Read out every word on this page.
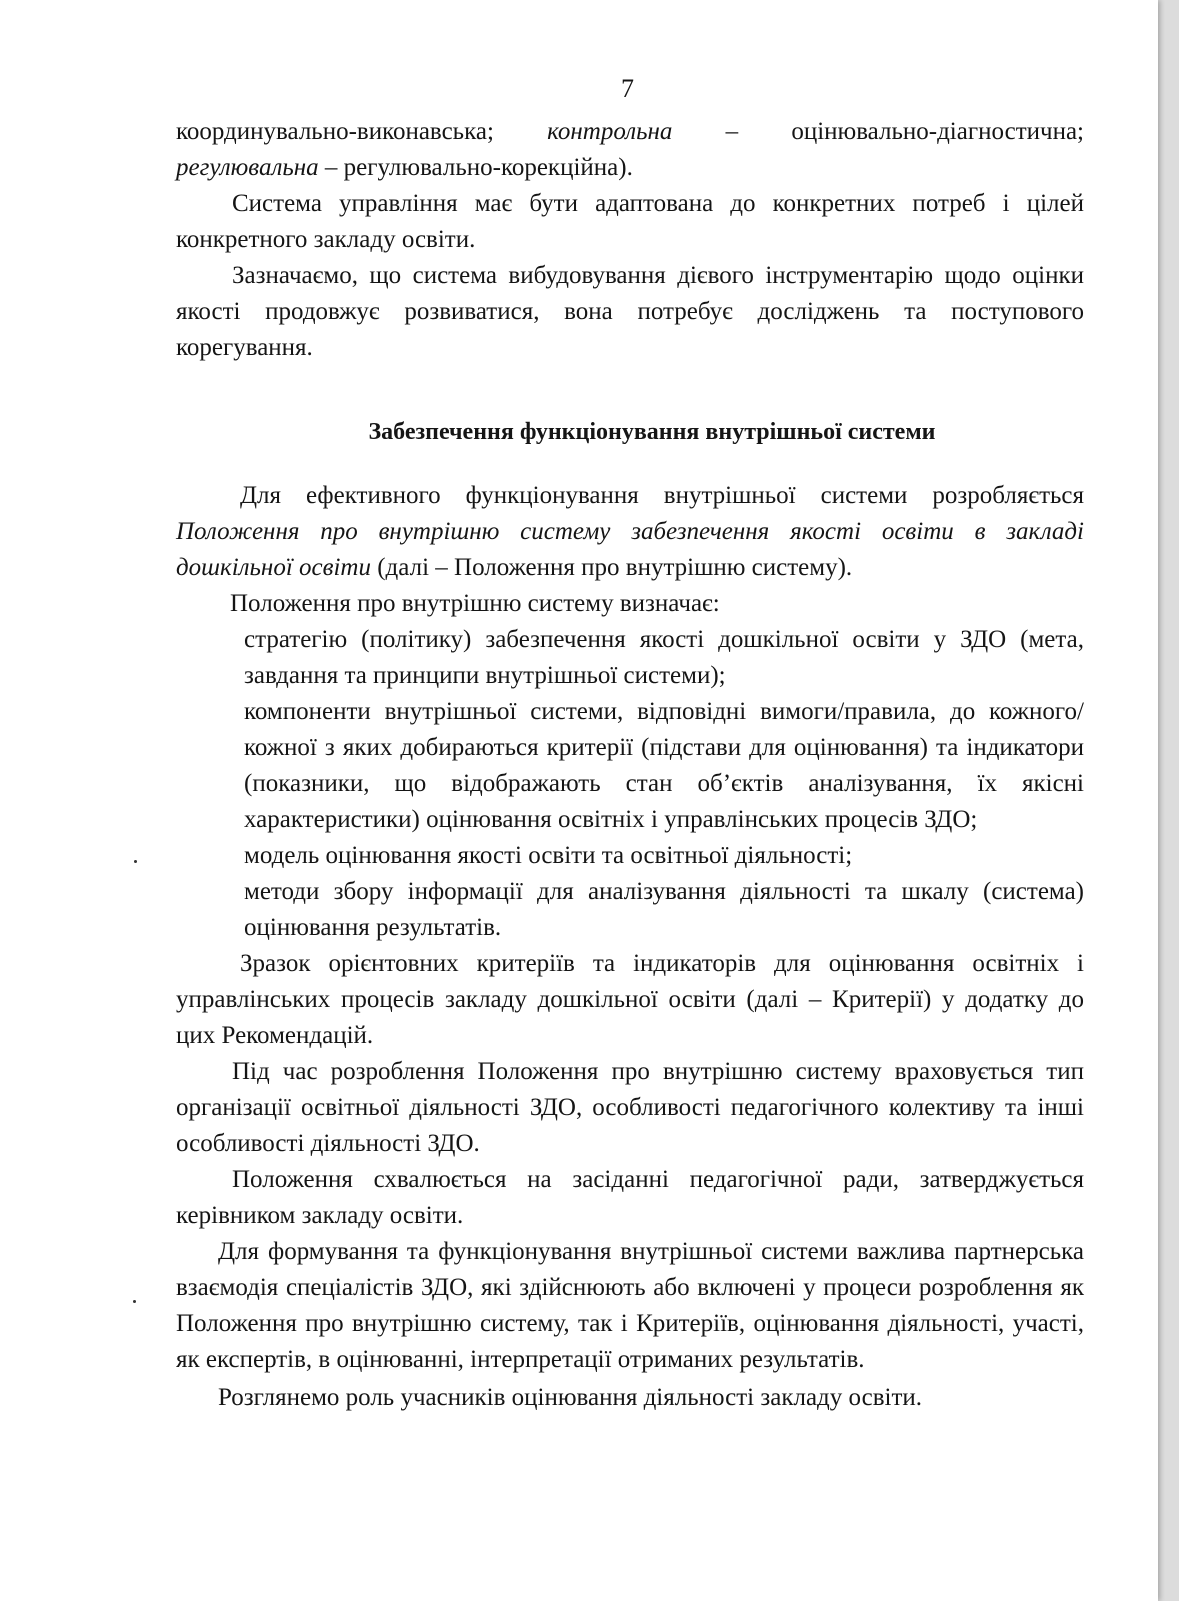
7

координувально-виконавська; контрольна – оцінювально-діагностична; регулювальна – регулювально-корекційна).

Система управління має бути адаптована до конкретних потреб і цілей конкретного закладу освіти.

Зазначаємо, що система вибудовування дієвого інструментарію щодо оцінки якості продовжує розвиватися, вона потребує досліджень та поступового корегування.

Забезпечення функціонування внутрішньої системи

Для ефективного функціонування внутрішньої системи розробляється Положення про внутрішню систему забезпечення якості освіти в закладі дошкільної освіти (далі – Положення про внутрішню систему).

Положення про внутрішню систему визначає:

стратегію (політику) забезпечення якості дошкільної освіти у ЗДО (мета, завдання та принципи внутрішньої системи);

компоненти внутрішньої системи, відповідні вимоги/правила, до кожного/кожної з яких добираються критерії (підстави для оцінювання) та індикатори (показники, що відображають стан об’єктів аналізування, їх якісні характеристики) оцінювання освітніх і управлінських процесів ЗДО;

модель оцінювання якості освіти та освітньої діяльності;

методи збору інформації для аналізування діяльності та шкалу (система) оцінювання результатів.

Зразок орієнтовних критеріїв та індикаторів для оцінювання освітніх і управлінських процесів закладу дошкільної освіти (далі – Критерії) у додатку до цих Рекомендацій.

Під час розроблення Положення про внутрішню систему враховується тип організації освітньої діяльності ЗДО, особливості педагогічного колективу та інші особливості діяльності ЗДО.

Положення схвалюється на засіданні педагогічної ради, затверджується керівником закладу освіти.

Для формування та функціонування внутрішньої системи важлива партнерська взаємодія спеціалістів ЗДО, які здійснюють або включені у процеси розроблення як Положення про внутрішню систему, так і Критеріїв, оцінювання діяльності, участі, як експертів, в оцінюванні, інтерпретації отриманих результатів.

Розглянемо роль учасників оцінювання діяльності закладу освіти.
